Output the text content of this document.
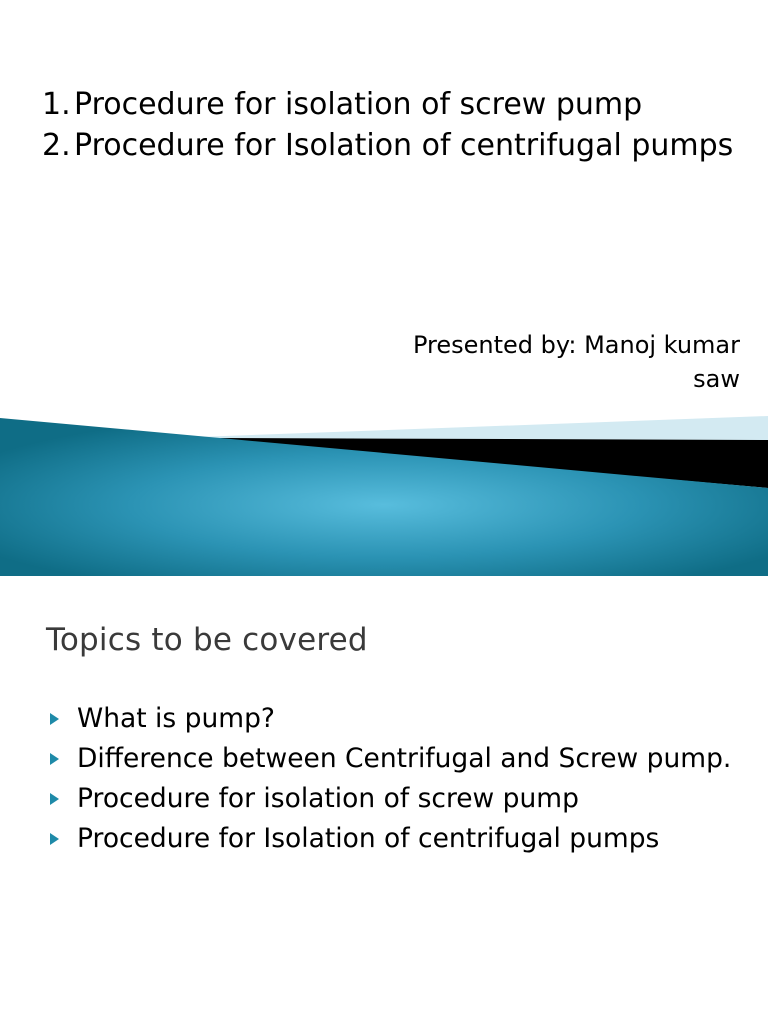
1. Procedure for isolation of screw pump
2. Procedure for Isolation of centrifugal pumps
Presented by: Manoj kumar
saw
Topics to be covered
What is pump?
Difference between Centrifugal and Screw pump.
Procedure for isolation of screw pump
Procedure for Isolation of centrifugal pumps
